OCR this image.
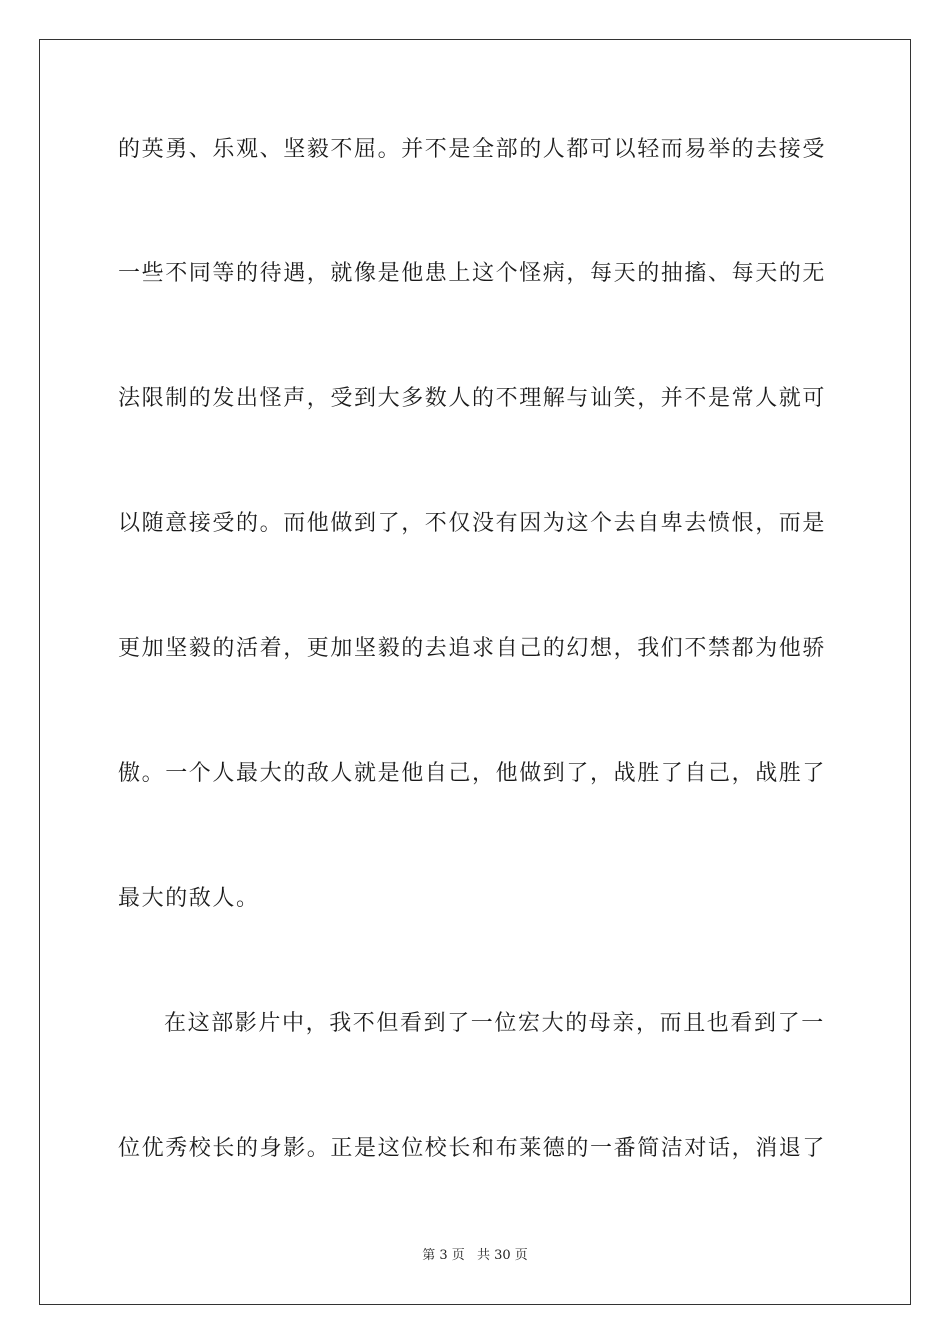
的英勇、乐观、坚毅不屈。并不是全部的人都可以轻而易举的去接受
一些不同等的待遇，就像是他患上这个怪病，每天的抽搐、每天的无
法限制的发出怪声，受到大多数人的不理解与讪笑，并不是常人就可
以随意接受的。而他做到了，不仅没有因为这个去自卑去愤恨，而是
更加坚毅的活着，更加坚毅的去追求自己的幻想，我们不禁都为他骄
傲。一个人最大的敌人就是他自己，他做到了，战胜了自己，战胜了
最大的敌人。
在这部影片中，我不但看到了一位宏大的母亲，而且也看到了一
位优秀校长的身影。正是这位校长和布莱德的一番简洁对话，消退了
第 3 页 共 30 页
